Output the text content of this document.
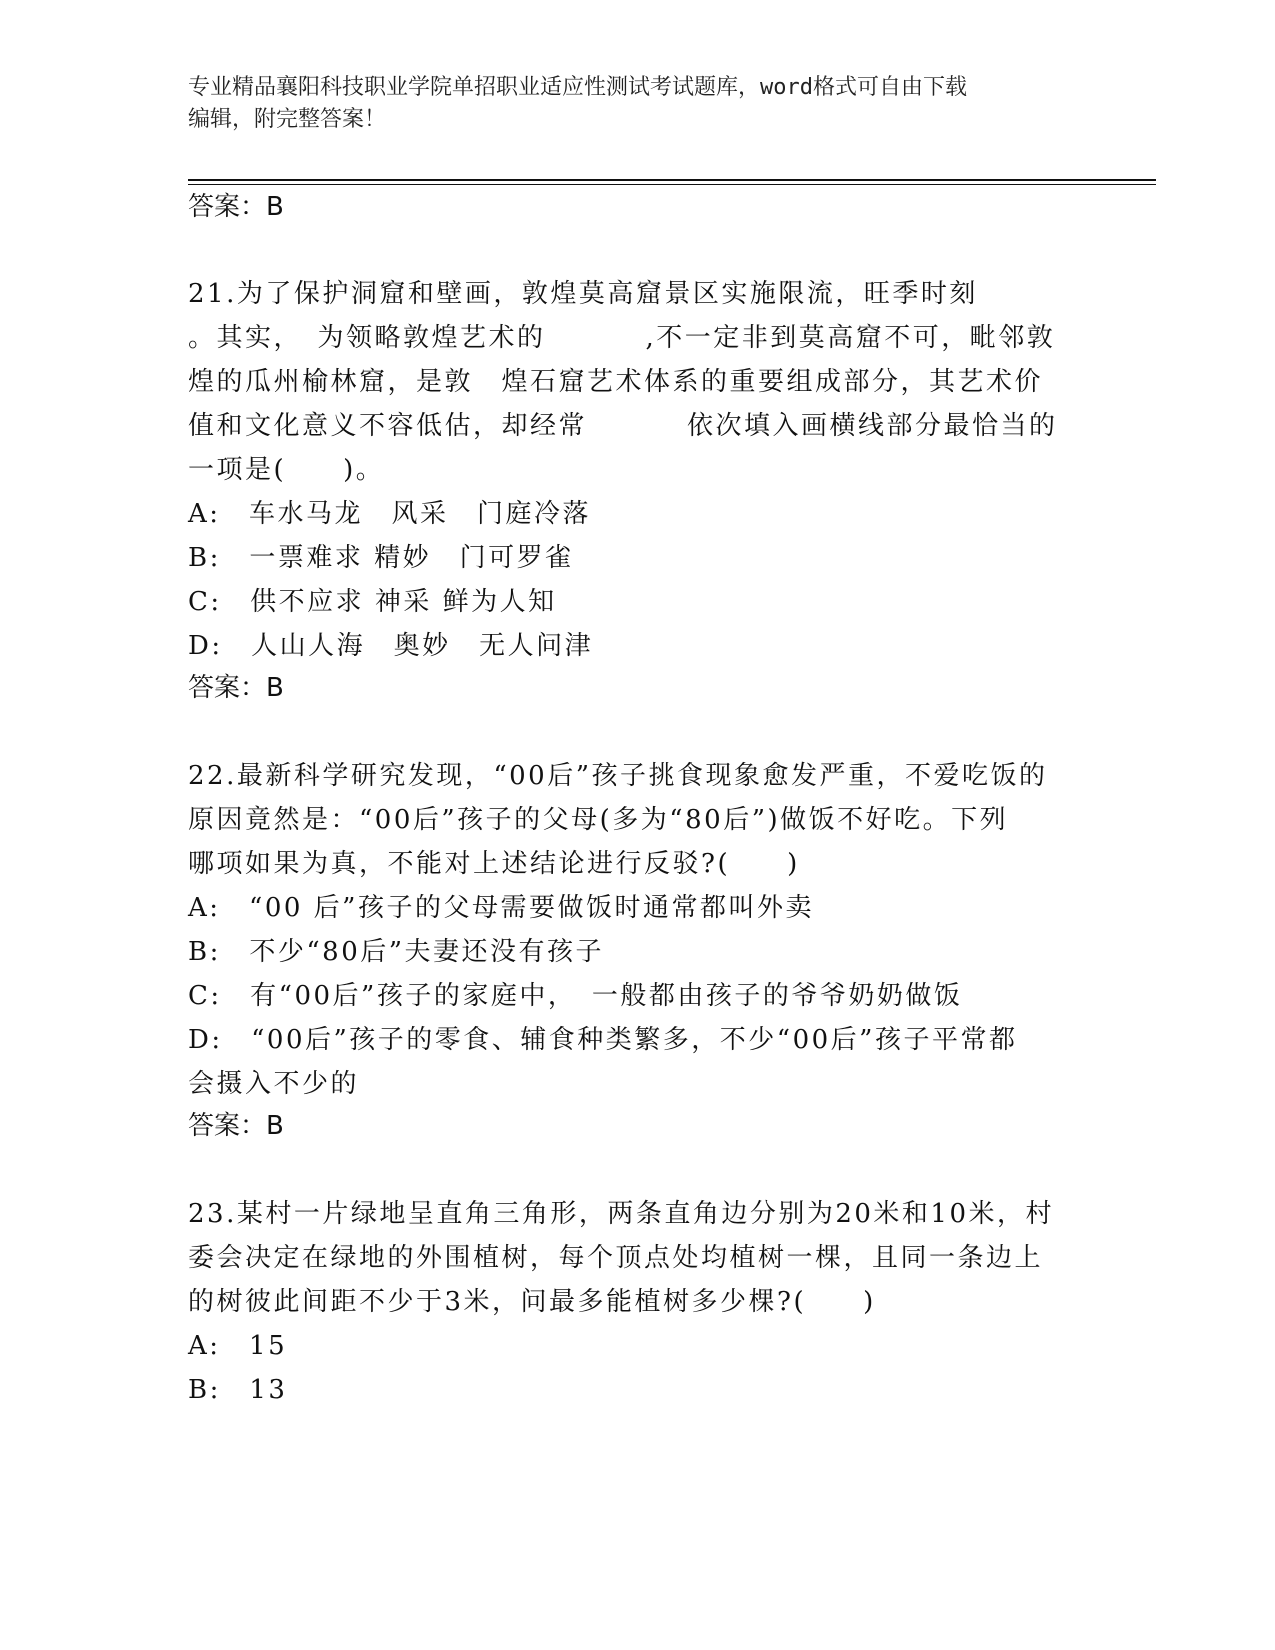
专业精品襄阳科技职业学院单招职业适应性测试考试题库，word格式可自由下载
编辑，附完整答案！
答案：B
21.为了保护洞窟和壁画，敦煌莫高窟景区实施限流，旺季时刻
。其实，　为领略敦煌艺术的	,不一定非到莫高窟不可，毗邻敦
煌的瓜州榆林窟，是敦　煌石窟艺术体系的重要组成部分，其艺术价
值和文化意义不容低估，却经常	依次填入画横线部分最恰当的
一项是(　　)。
A:　车水马龙　风采　门庭冷落
B:　一票难求 精妙　门可罗雀
C:　供不应求 神采 鲜为人知
D:　人山人海　奥妙　无人问津
答案：B
22.最新科学研究发现，“00后”孩子挑食现象愈发严重，不爱吃饭的
原因竟然是：“00后”孩子的父母(多为“80后”)做饭不好吃。下列
哪项如果为真，不能对上述结论进行反驳?(　　)
A:　“00 后”孩子的父母需要做饭时通常都叫外卖
B:　不少“80后”夫妻还没有孩子
C:　有“00后”孩子的家庭中，　一般都由孩子的爷爷奶奶做饭
D:　“00后”孩子的零食、辅食种类繁多，不少“00后”孩子平常都
会摄入不少的
答案：B
23.某村一片绿地呈直角三角形，两条直角边分别为20米和10米，村
委会决定在绿地的外围植树，每个顶点处均植树一棵，且同一条边上
的树彼此间距不少于3米，问最多能植树多少棵?(　　)
A:　15
B:　13
